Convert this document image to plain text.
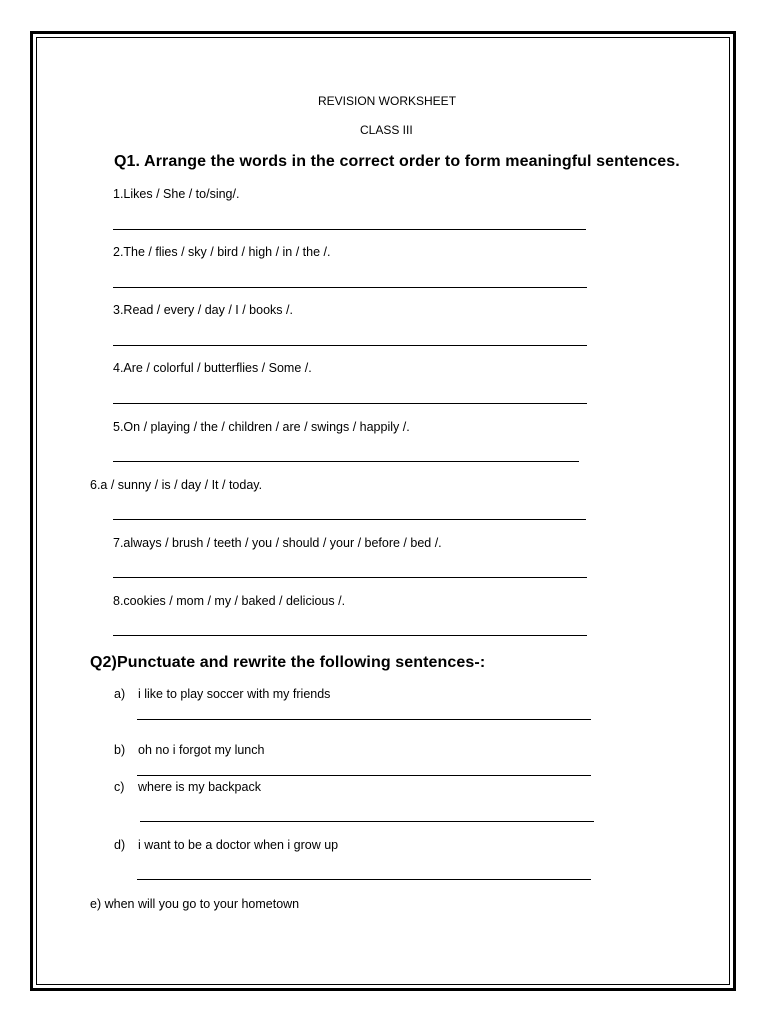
REVISION WORKSHEET
CLASS III
Q1. Arrange the words in the correct order to form meaningful sentences.
1.Likes / She / to/sing/.
2.The / flies / sky / bird / high / in / the /.
3.Read / every / day / I / books /.
4.Are / colorful / butterflies / Some /.
5.On / playing / the / children / are / swings / happily /.
6.a / sunny / is / day / It / today.
7.always / brush / teeth / you / should / your / before / bed /.
8.cookies / mom / my / baked / delicious /.
Q2)Punctuate and rewrite the following sentences-:
a) i like to play soccer with my friends
b) oh no i forgot my lunch
c) where is my backpack
d) i want to be a doctor when i grow up
e) when will you go to your hometown
